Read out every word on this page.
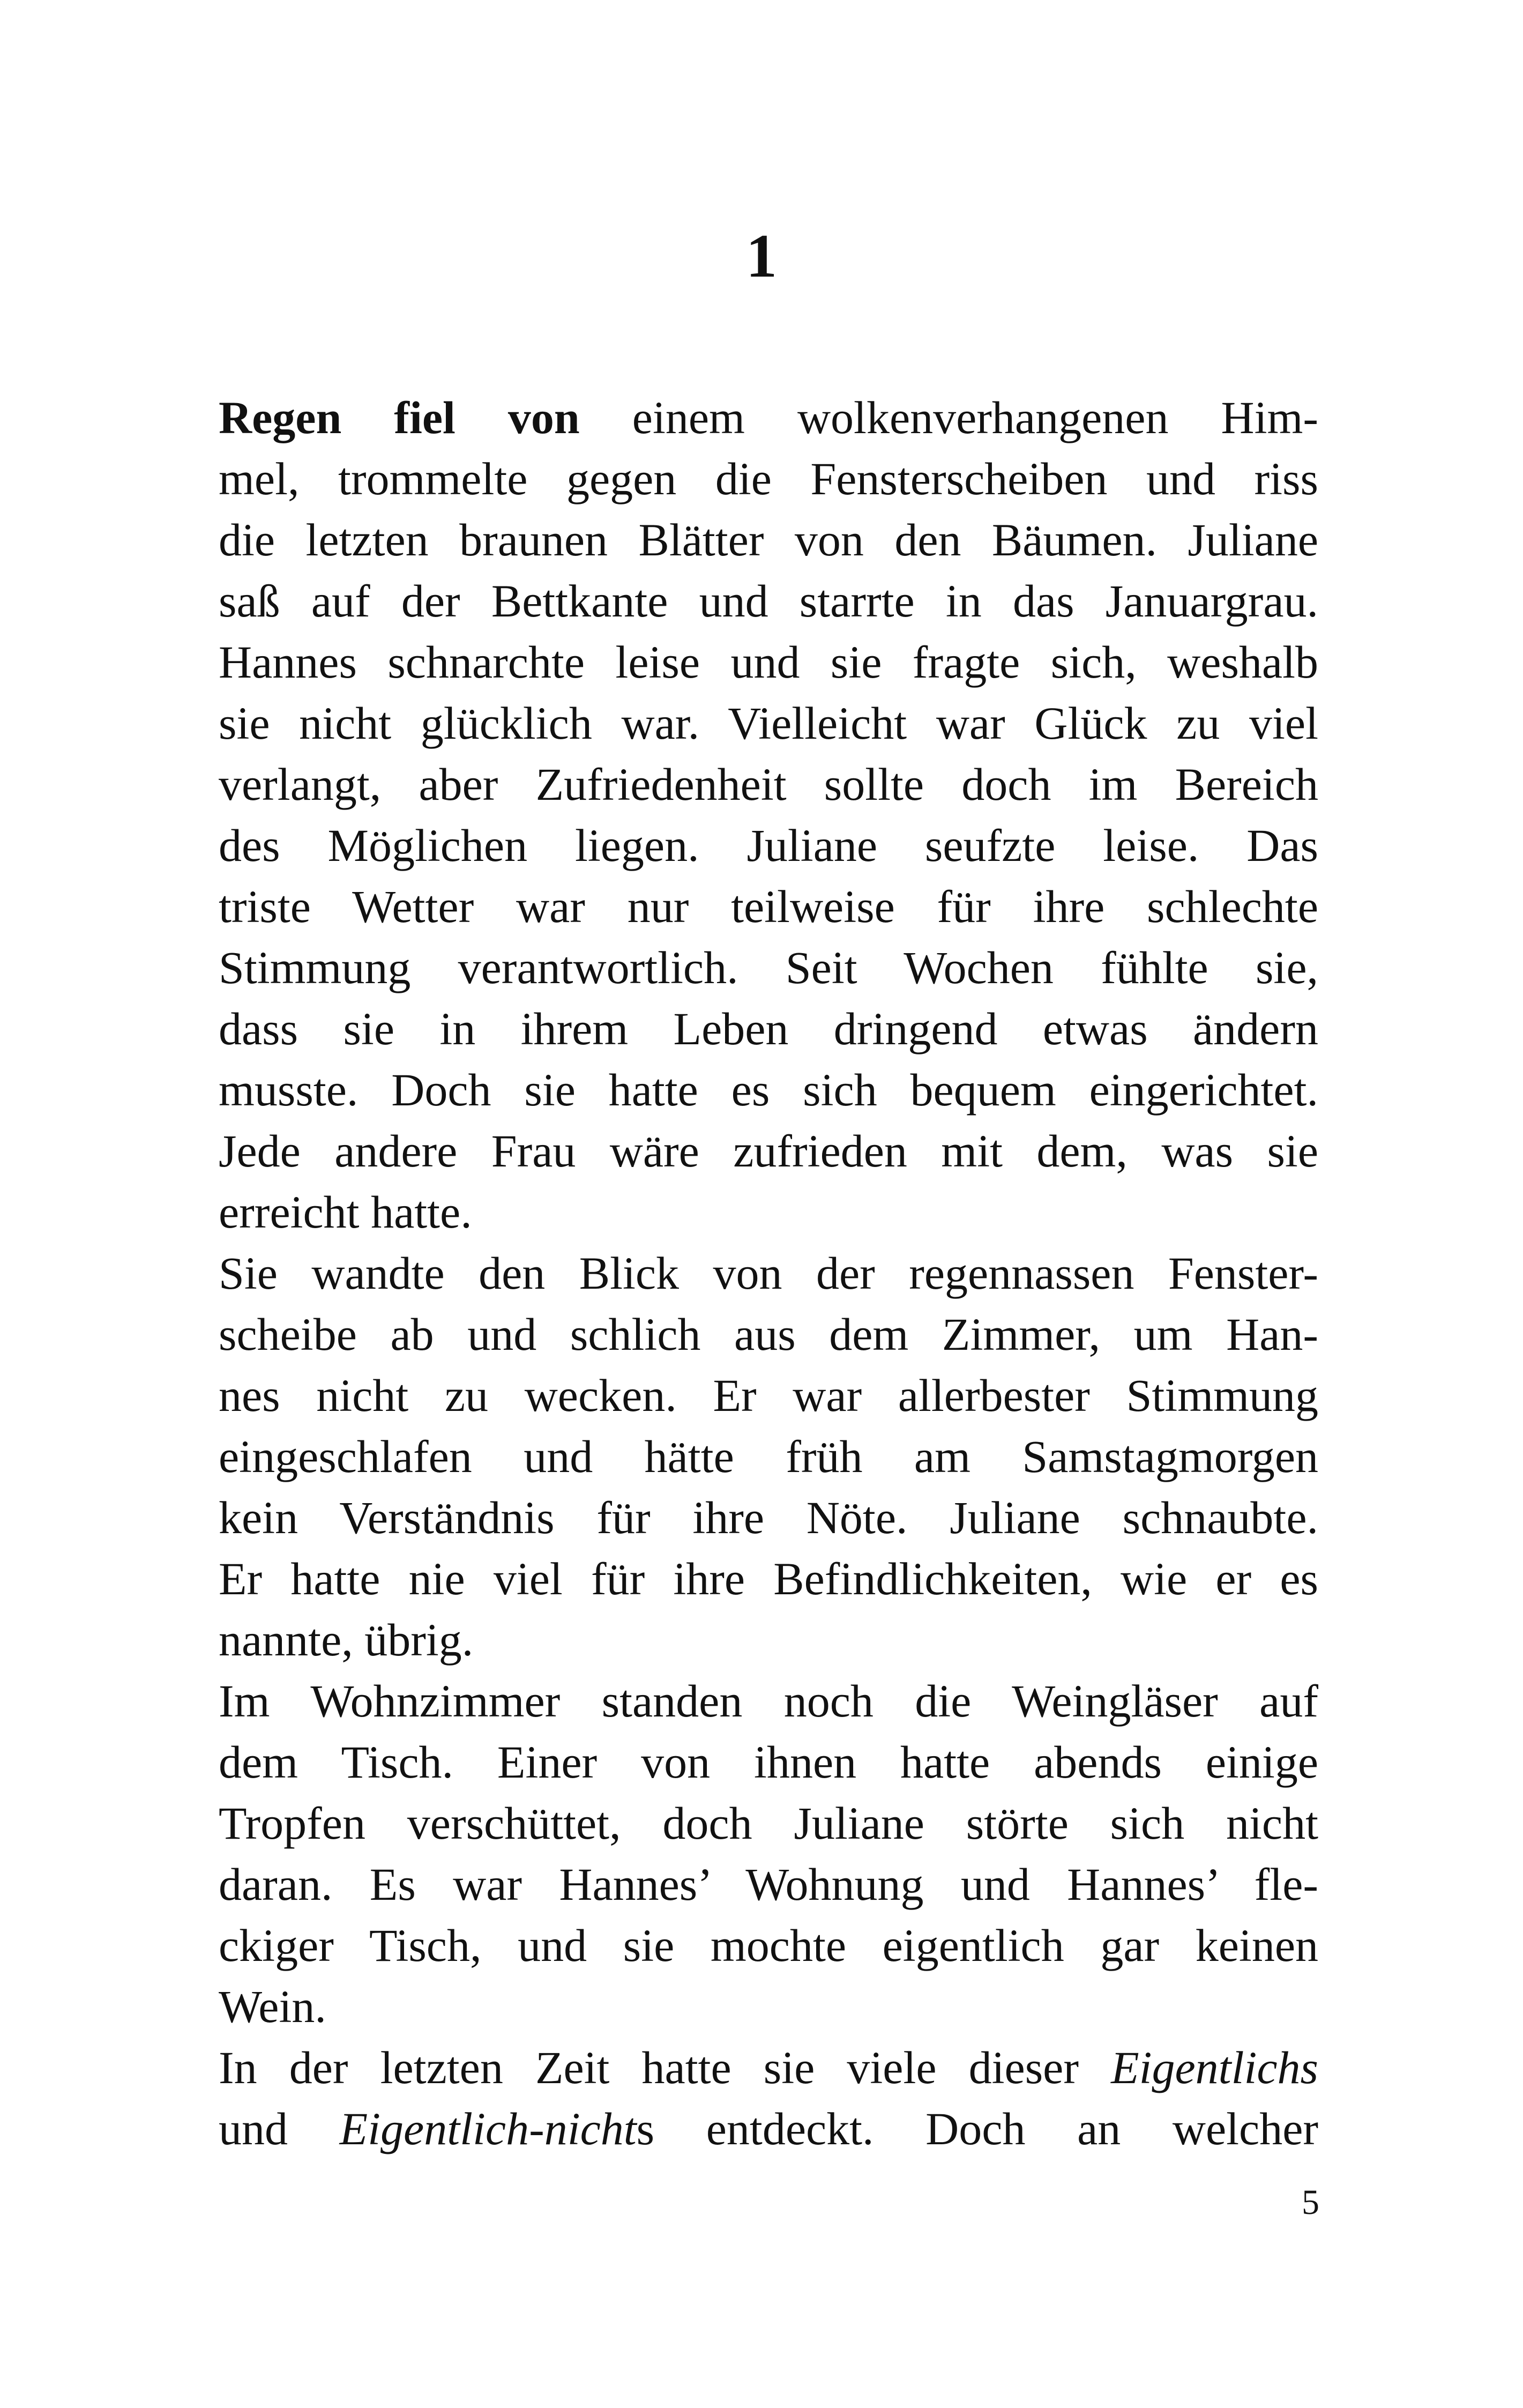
1
Regen fiel von einem wolkenverhangenen Him-
mel, trommelte gegen die Fensterscheiben und riss
die letzten braunen Blätter von den Bäumen. Juliane
saß auf der Bettkante und starrte in das Januargrau.
Hannes schnarchte leise und sie fragte sich, weshalb
sie nicht glücklich war. Vielleicht war Glück zu viel
verlangt, aber Zufriedenheit sollte doch im Bereich
des Möglichen liegen. Juliane seufzte leise. Das
triste Wetter war nur teilweise für ihre schlechte
Stimmung verantwortlich. Seit Wochen fühlte sie,
dass sie in ihrem Leben dringend etwas ändern
musste. Doch sie hatte es sich bequem eingerichtet.
Jede andere Frau wäre zufrieden mit dem, was sie
erreicht hatte.
Sie wandte den Blick von der regennassen Fenster-
scheibe ab und schlich aus dem Zimmer, um Han-
nes nicht zu wecken. Er war allerbester Stimmung
eingeschlafen und hätte früh am Samstagmorgen
kein Verständnis für ihre Nöte. Juliane schnaubte.
Er hatte nie viel für ihre Befindlichkeiten, wie er es
nannte, übrig.
Im Wohnzimmer standen noch die Weingläser auf
dem Tisch. Einer von ihnen hatte abends einige
Tropfen verschüttet, doch Juliane störte sich nicht
daran. Es war Hannes’ Wohnung und Hannes’ fle-
ckiger Tisch, und sie mochte eigentlich gar keinen
Wein.
In der letzten Zeit hatte sie viele dieser Eigentlichs
und Eigentlich-nichts entdeckt. Doch an welcher
5
